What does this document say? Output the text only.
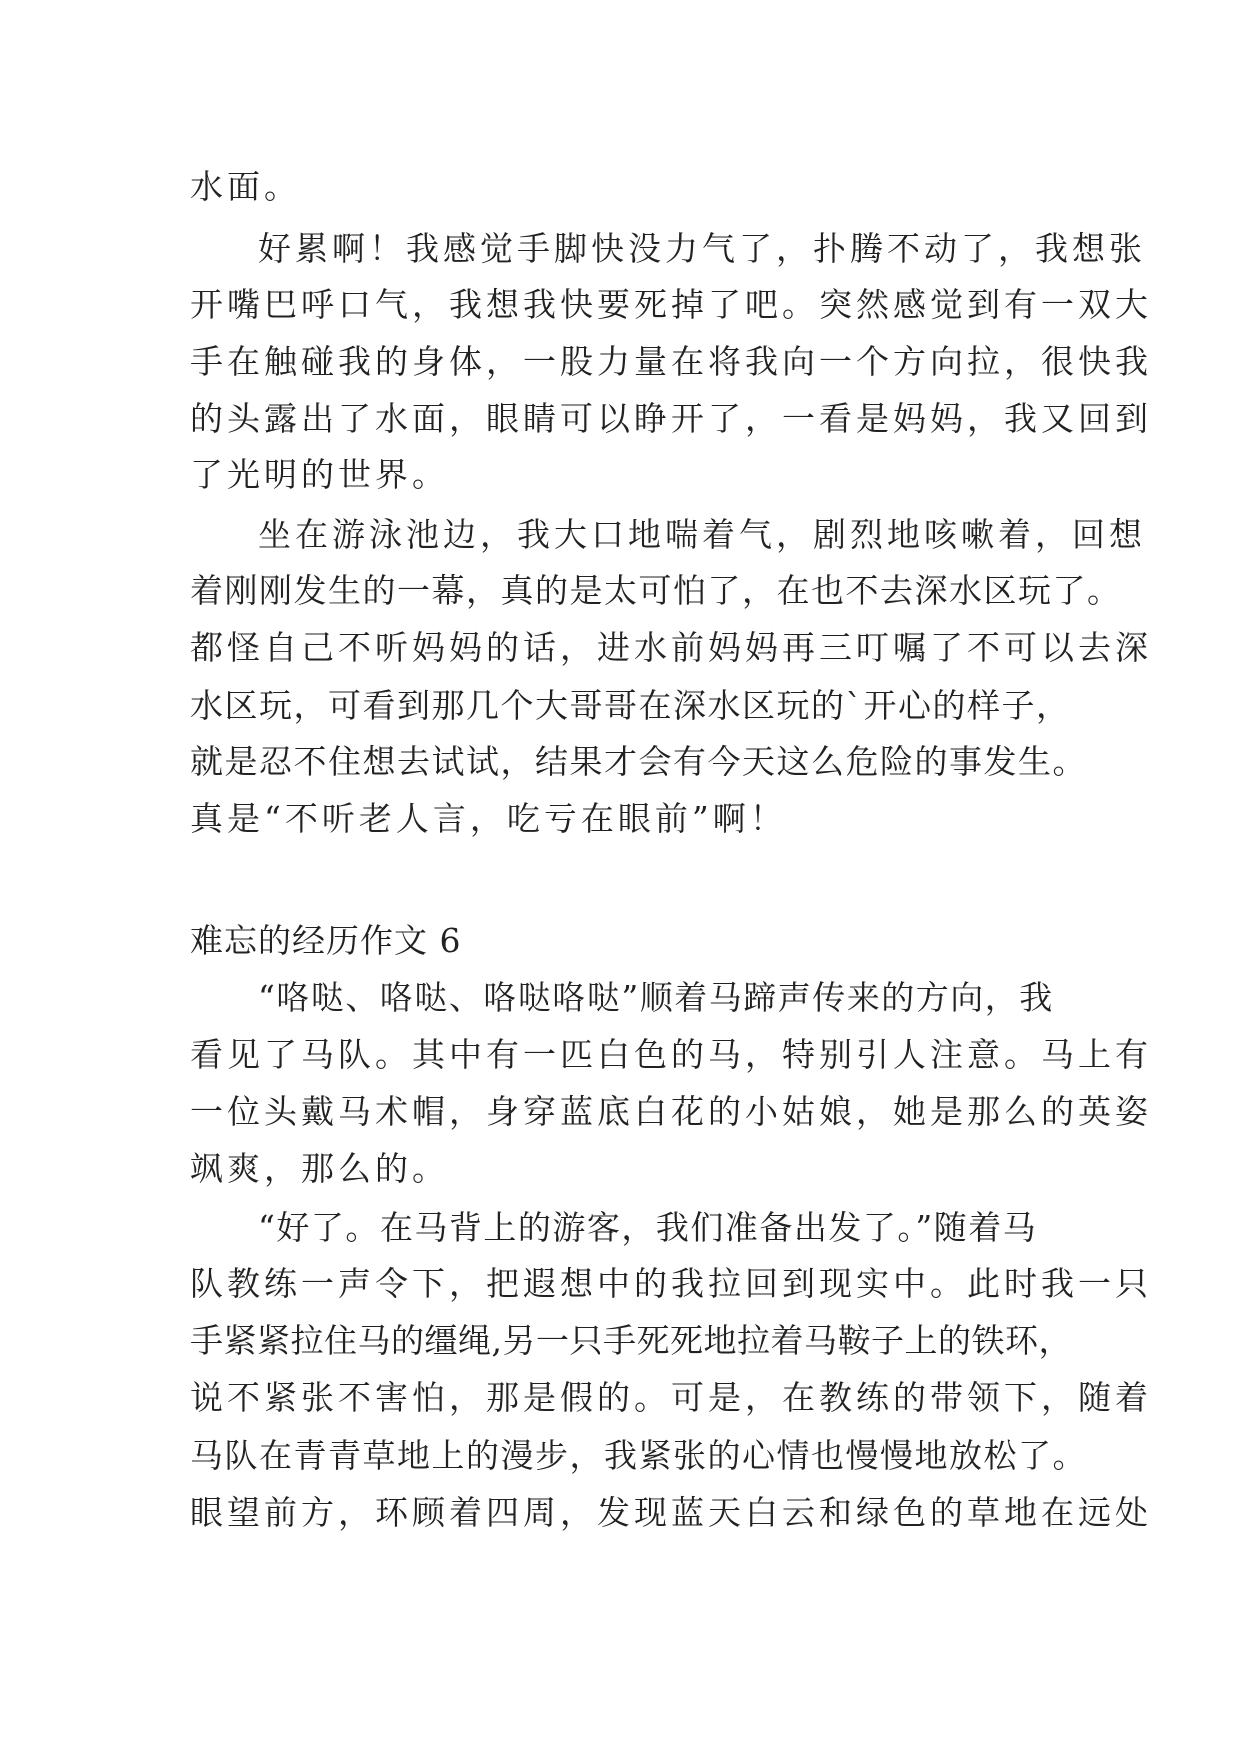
水面。
好累啊！我感觉手脚快没力气了，扑腾不动了，我想张
开嘴巴呼口气，我想我快要死掉了吧。突然感觉到有一双大
手在触碰我的身体，一股力量在将我向一个方向拉，很快我
的头露出了水面，眼睛可以睁开了，一看是妈妈，我又回到
了光明的世界。
坐在游泳池边，我大口地喘着气，剧烈地咳嗽着，回想
着刚刚发生的一幕，真的是太可怕了，在也不去深水区玩了。
都怪自己不听妈妈的话，进水前妈妈再三叮嘱了不可以去深
水区玩，可看到那几个大哥哥在深水区玩的`开心的样子，
就是忍不住想去试试，结果才会有今天这么危险的事发生。
真是“不听老人言，吃亏在眼前”啊！
难忘的经历作文 6
“咯哒、咯哒、咯哒咯哒”顺着马蹄声传来的方向，我
看见了马队。其中有一匹白色的马，特别引人注意。马上有
一位头戴马术帽，身穿蓝底白花的小姑娘，她是那么的英姿
飒爽，那么的。
“好了。在马背上的游客，我们准备出发了。”随着马
队教练一声令下，把遐想中的我拉回到现实中。此时我一只
手紧紧拉住马的缰绳,另一只手死死地拉着马鞍子上的铁环，
说不紧张不害怕，那是假的。可是，在教练的带领下，随着
马队在青青草地上的漫步，我紧张的心情也慢慢地放松了。
眼望前方，环顾着四周，发现蓝天白云和绿色的草地在远处
